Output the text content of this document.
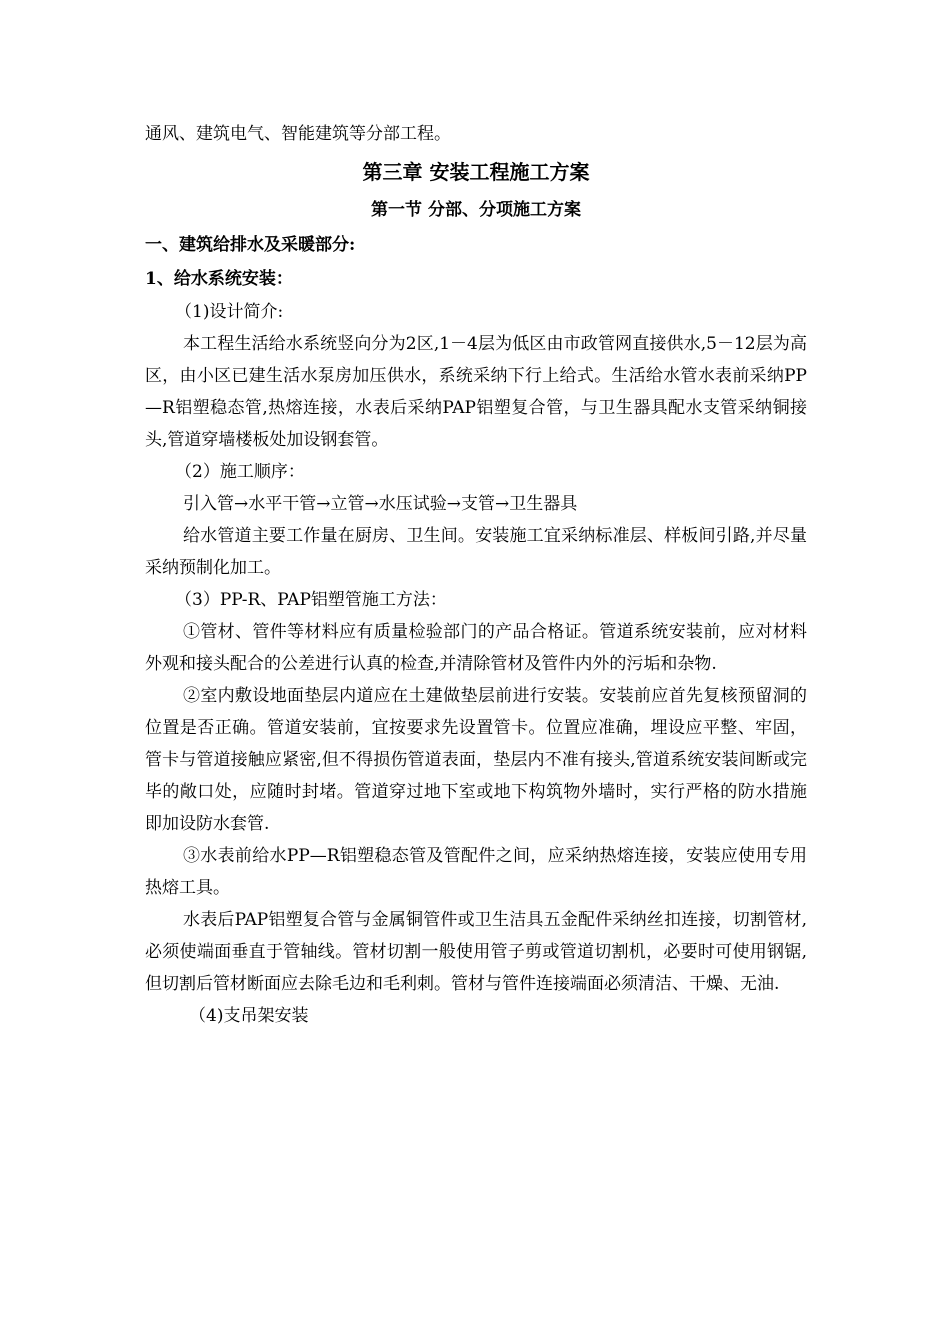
通风、建筑电气、智能建筑等分部工程。

第三章 安装工程施工方案
第一节 分部、分项施工方案
一、建筑给排水及采暖部分:
1、给水系统安装：

（1)设计简介:

本工程生活给水系统竖向分为2区,1－4层为低区由市政管网直接供水,5－12层为高区，由小区已建生活水泵房加压供水，系统采纳下行上给式。生活给水管水表前采纳PP—R铝塑稳态管,热熔连接，水表后采纳PAP铝塑复合管，与卫生器具配水支管采纳铜接头,管道穿墙楼板处加设钢套管。

（2）施工顺序：

引入管→水平干管→立管→水压试验→支管→卫生器具

给水管道主要工作量在厨房、卫生间。安装施工宜采纳标准层、样板间引路,并尽量采纳预制化加工。

（3）PP-R、PAP铝塑管施工方法：

①管材、管件等材料应有质量检验部门的产品合格证。管道系统安装前，应对材料外观和接头配合的公差进行认真的检查,并清除管材及管件内外的污垢和杂物.

②室内敷设地面垫层内道应在土建做垫层前进行安装。安装前应首先复核预留洞的位置是否正确。管道安装前，宜按要求先设置管卡。位置应准确，埋设应平整、牢固，管卡与管道接触应紧密,但不得损伤管道表面，垫层内不准有接头,管道系统安装间断或完毕的敞口处，应随时封堵。管道穿过地下室或地下构筑物外墙时，实行严格的防水措施即加设防水套管.

③水表前给水PP—R铝塑稳态管及管配件之间，应采纳热熔连接，安装应使用专用热熔工具。

水表后PAP铝塑复合管与金属铜管件或卫生洁具五金配件采纳丝扣连接，切割管材,必须使端面垂直于管轴线。管材切割一般使用管子剪或管道切割机，必要时可使用钢锯,但切割后管材断面应去除毛边和毛利刺。管材与管件连接端面必须清洁、干燥、无油.

（4)支吊架安装
